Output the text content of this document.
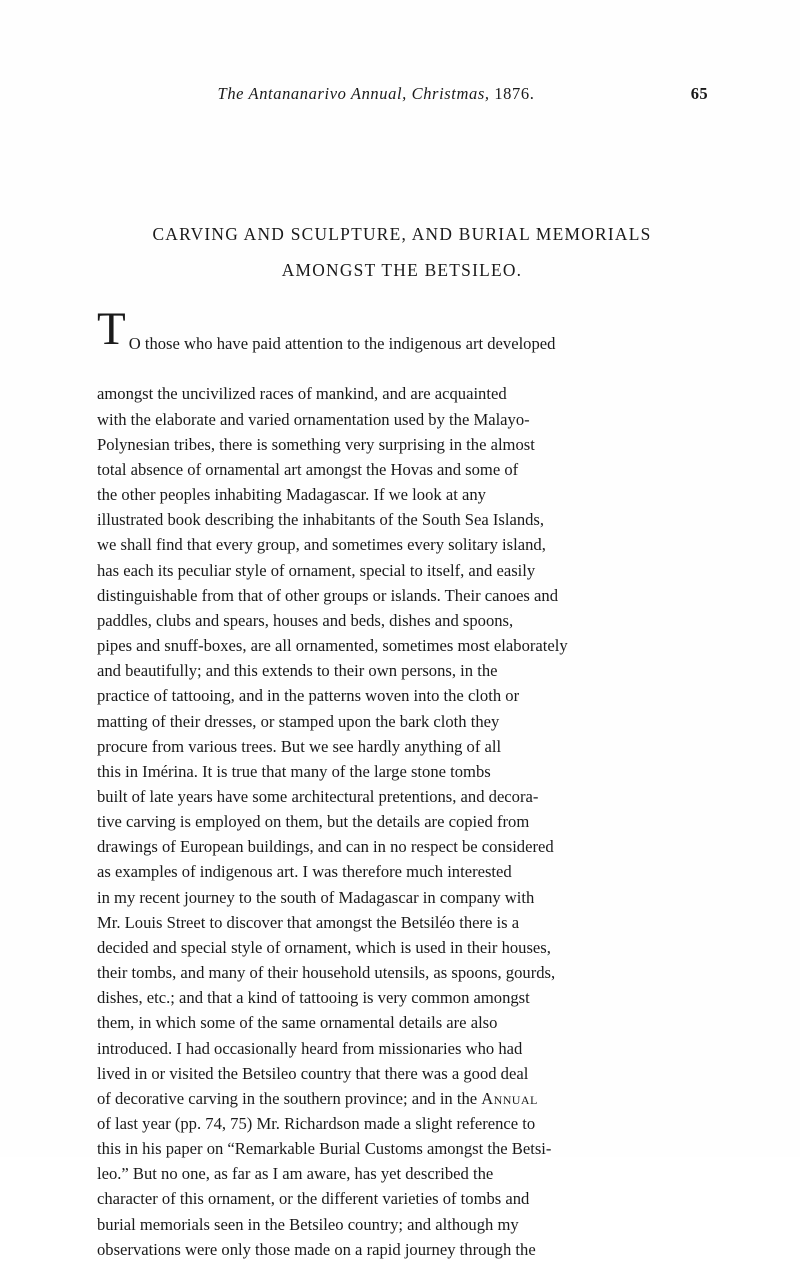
The Antananarivo Annual, Christmas, 1876.	65
CARVING AND SCULPTURE, AND BURIAL MEMORIALS
AMONGST THE BETSILEO.

T O those who have paid attention to the indigenous art developed
amongst the uncivilized races of mankind, and are acquainted
with the elaborate and varied ornamentation used by the Malayo-
Polynesian tribes, there is something very surprising in the almost
total absence of ornamental art amongst the Hovas and some of
the other peoples inhabiting Madagascar. If we look at any
illustrated book describing the inhabitants of the South Sea Islands,
we shall find that every group, and sometimes every solitary island,
has each its peculiar style of ornament, special to itself, and easily
distinguishable from that of other groups or islands. Their canoes and
paddles, clubs and spears, houses and beds, dishes and spoons,
pipes and snuff-boxes, are all ornamented, sometimes most elaborately
and beautifully; and this extends to their own persons, in the
practice of tattooing, and in the patterns woven into the cloth or
matting of their dresses, or stamped upon the bark cloth they
procure from various trees. But we see hardly anything of all
this in Imérina. It is true that many of the large stone tombs
built of late years have some architectural pretentions, and decora-
tive carving is employed on them, but the details are copied from
drawings of European buildings, and can in no respect be considered
as examples of indigenous art. I was therefore much interested
in my recent journey to the south of Madagascar in company with
Mr. Louis Street to discover that amongst the Betsiléo there is a
decided and special style of ornament, which is used in their houses,
their tombs, and many of their household utensils, as spoons, gourds,
dishes, etc.; and that a kind of tattooing is very common amongst
them, in which some of the same ornamental details are also
introduced. I had occasionally heard from missionaries who had
lived in or visited the Betsileo country that there was a good deal
of decorative carving in the southern province; and in the Annual
of last year (pp. 74, 75) Mr. Richardson made a slight reference to
this in his paper on “Remarkable Burial Customs amongst the Betsi-
leo.” But no one, as far as I am aware, has yet described the
character of this ornament, or the different varieties of tombs and
burial memorials seen in the Betsileo country; and although my
observations were only those made on a rapid journey through the
